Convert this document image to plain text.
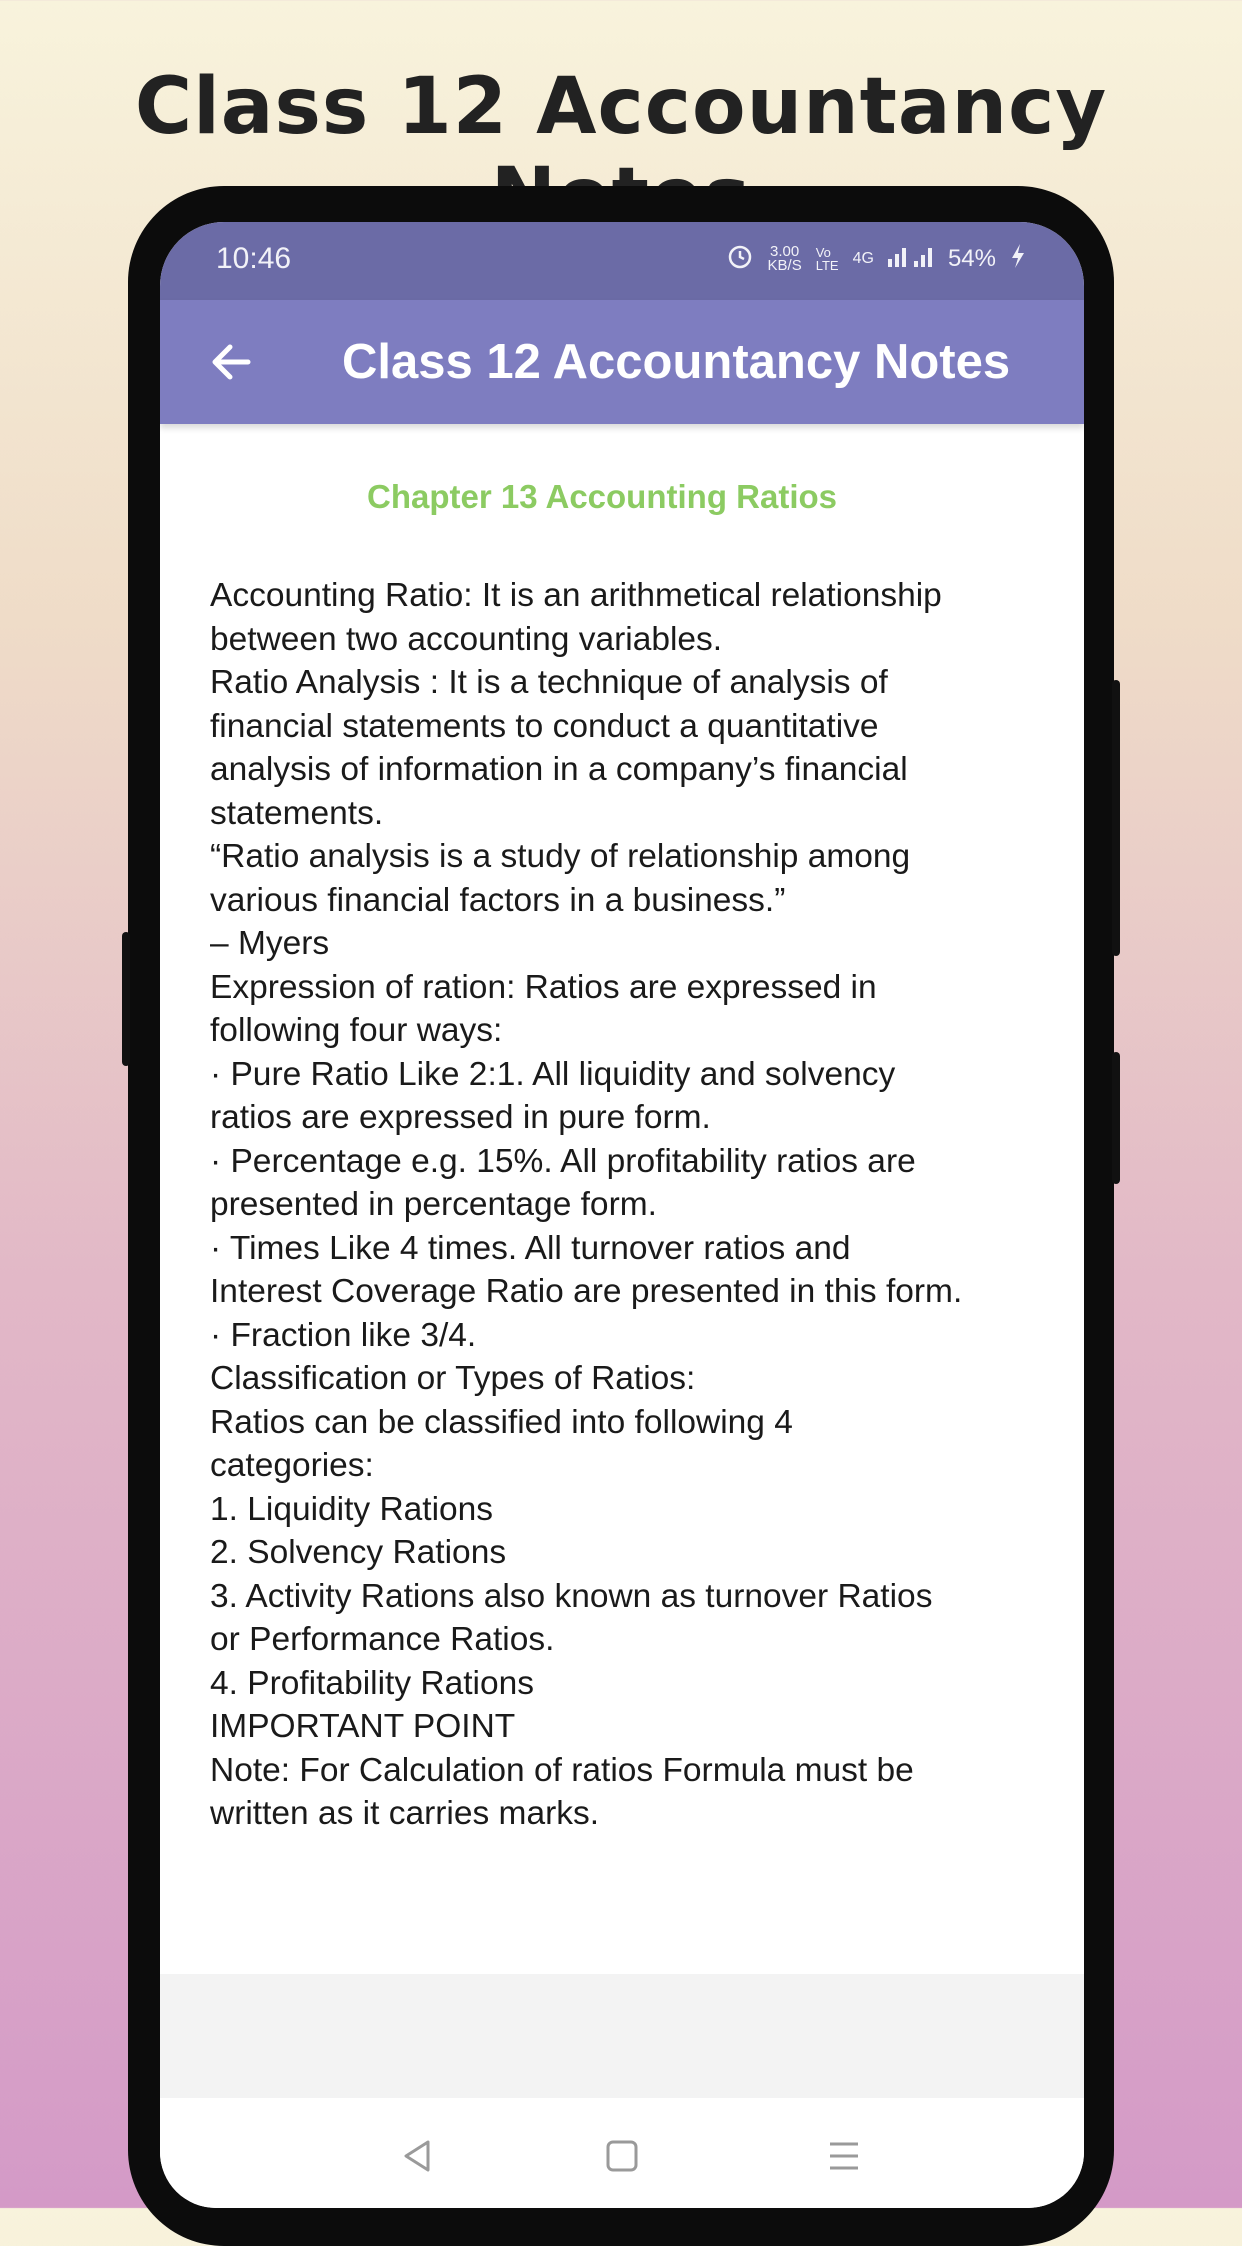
Class 12 Accountancy
10:46	3.00
KB/S
Vo
LTE 4G	54%
Class 12 Accountancy Notes
Chapter 13 Accounting Ratios
Accounting Ratio: It is an arithmetical relationship
between two accounting variables.
Ratio Analysis : It is a technique of analysis of
financial statements to conduct a quantitative
analysis of information in a company’s financial
statements.
“Ratio analysis is a study of relationship among
various financial factors in a business.”
– Myers
Expression of ration: Ratios are expressed in
following four ways:
· Pure Ratio Like 2:1. All liquidity and solvency
ratios are expressed in pure form.
· Percentage e.g. 15%. All profitability ratios are
presented in percentage form.
· Times Like 4 times. All turnover ratios and
Interest Coverage Ratio are presented in this form.
· Fraction like 3/4.
Classification or Types of Ratios:
Ratios can be classified into following 4
categories:
1. Liquidity Rations
2. Solvency Rations
3. Activity Rations also known as turnover Ratios
or Performance Ratios.
4. Profitability Rations
IMPORTANT POINT
Note: For Calculation of ratios Formula must be
written as it carries marks.
